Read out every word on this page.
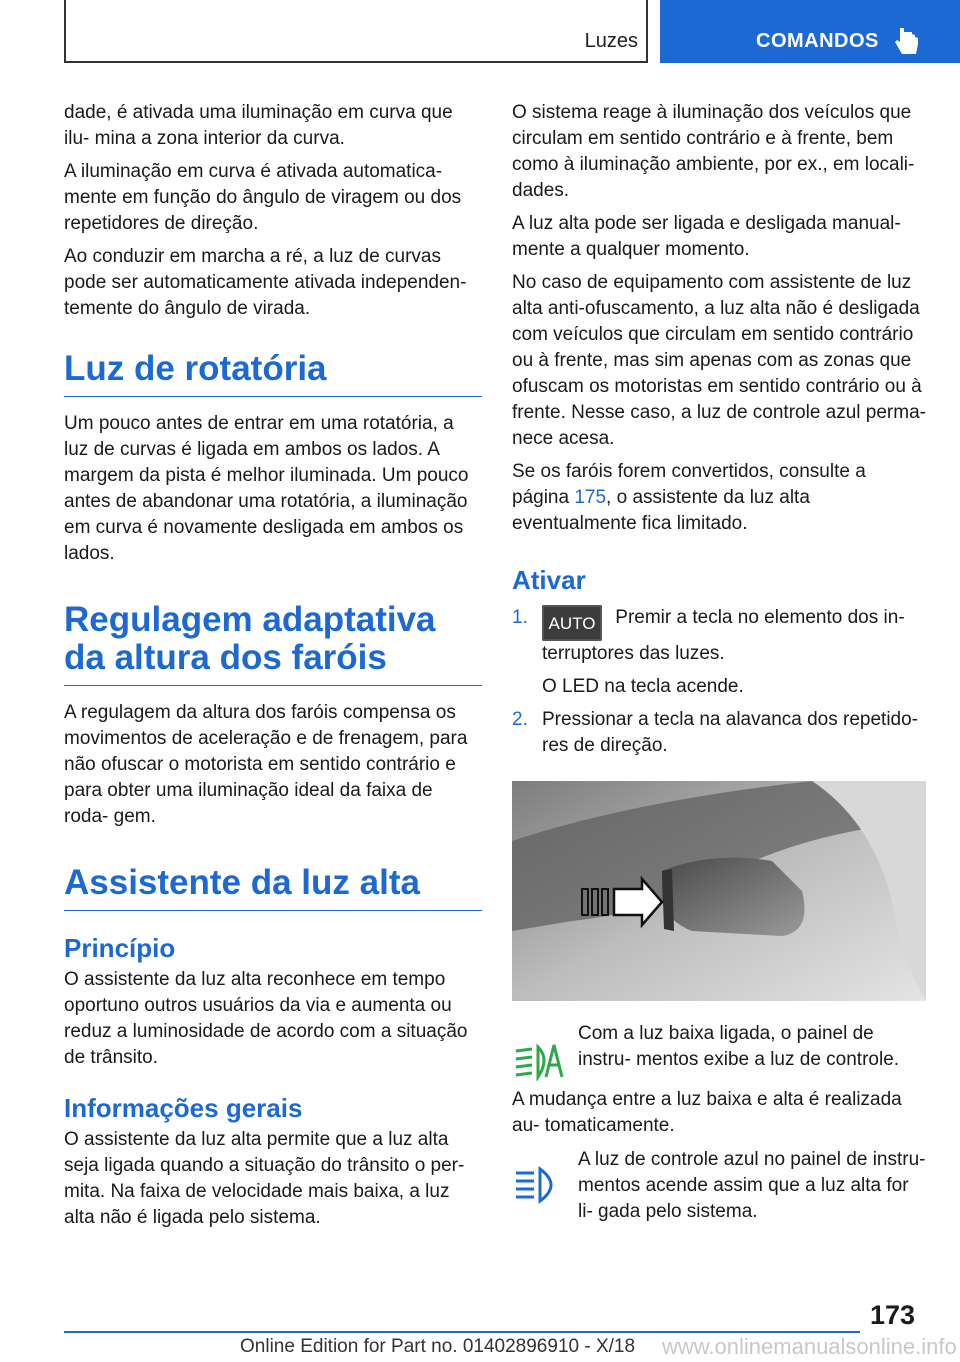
Luzes	COMANDOS

dade, é ativada uma iluminação em curva que ilu- mina a zona interior da curva.

A iluminação em curva é ativada automatica- mente em função do ângulo de viragem ou dos repetidores de direção.

Ao conduzir em marcha a ré, a luz de curvas pode ser automaticamente ativada independen- temente do ângulo de virada.

Luz de rotatória

Um pouco antes de entrar em uma rotatória, a luz de curvas é ligada em ambos os lados. A margem da pista é melhor iluminada. Um pouco antes de abandonar uma rotatória, a iluminação em curva é novamente desligada em ambos os lados.

Regulagem adaptativa da altura dos faróis

A regulagem da altura dos faróis compensa os movimentos de aceleração e de frenagem, para não ofuscar o motorista em sentido contrário e para obter uma iluminação ideal da faixa de roda- gem.

Assistente da luz alta
Princípio

O assistente da luz alta reconhece em tempo oportuno outros usuários da via e aumenta ou reduz a luminosidade de acordo com a situação de trânsito.

Informações gerais

O assistente da luz alta permite que a luz alta seja ligada quando a situação do trânsito o per- mita. Na faixa de velocidade mais baixa, a luz alta não é ligada pelo sistema.

O sistema reage à iluminação dos veículos que circulam em sentido contrário e à frente, bem como à iluminação ambiente, por ex., em locali- dades.

A luz alta pode ser ligada e desligada manual- mente a qualquer momento.

No caso de equipamento com assistente de luz alta anti-ofuscamento, a luz alta não é desligada com veículos que circulam em sentido contrário ou à frente, mas sim apenas com as zonas que ofuscam os motoristas em sentido contrário ou à frente. Nesse caso, a luz de controle azul perma- nece acesa.

Se os faróis forem convertidos, consulte a página 175, o assistente da luz alta eventualmente fica limitado.

Ativar
1. AUTO Premir a tecla no elemento dos in- terruptores das luzes.
O LED na tecla acende.
2. Pressionar a tecla na alavanca dos repetido- res de direção.
Com a luz baixa ligada, o painel de instru- mentos exibe a luz de controle.

A mudança entre a luz baixa e alta é realizada au- tomaticamente.

A luz de controle azul no painel de instru- mentos acende assim que a luz alta for li- gada pelo sistema.
173
Online Edition for Part no. 01402896910 - X/18 www.onlinemanualsonline.info
